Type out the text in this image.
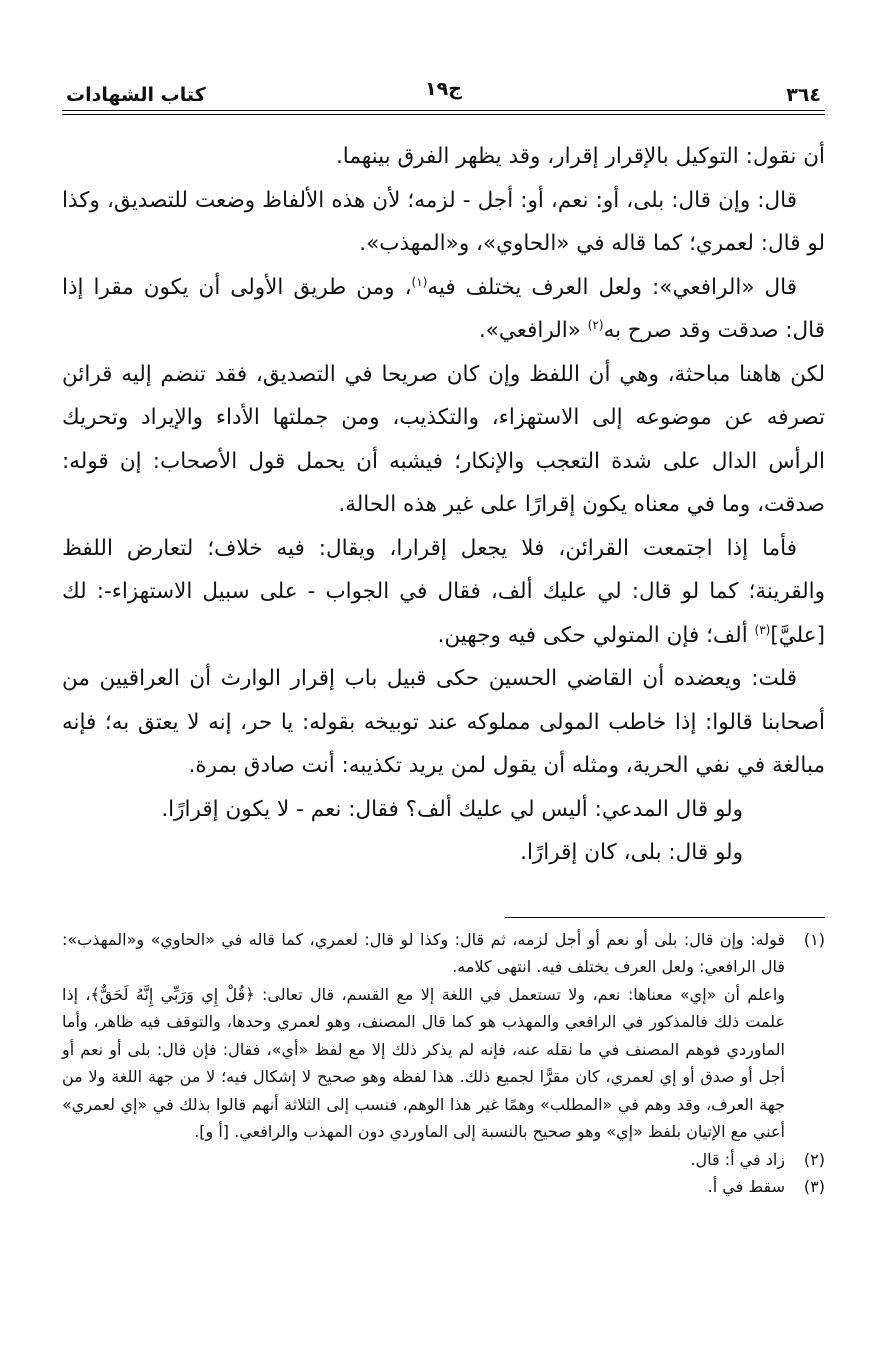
٣٦٤
ج١٩
كتاب الشهادات

أن نقول: التوكيل بالإقرار إقرار، وقد يظهر الفرق بينهما.

قال: وإن قال: بلى، أو: نعم، أو: أجل - لزمه؛ لأن هذه الألفاظ وضعت للتصديق، وكذا لو قال: لعمري؛ كما قاله في «الحاوي»، و«المهذب».

قال «الرافعي»: ولعل العرف يختلف فيه$^{(١)}$، ومن طريق الأولى أن يكون مقرا إذا قال: صدقت وقد صرح به$^{(٢)}$ «الرافعي».

لكن هاهنا مباحثة، وهي أن اللفظ وإن كان صريحا في التصديق، فقد تنضم إليه قرائن تصرفه عن موضوعه إلى الاستهزاء، والتكذيب، ومن جملتها الأداء والإيراد وتحريك الرأس الدال على شدة التعجب والإنكار؛ فيشبه أن يحمل قول الأصحاب: إن قوله: صدقت، وما في معناه يكون إقرارًا على غير هذه الحالة.

فأما إذا اجتمعت القرائن، فلا يجعل إقرارا، ويقال: فيه خلاف؛ لتعارض اللفظ والقرينة؛ كما لو قال: لي عليك ألف، فقال في الجواب - على سبيل الاستهزاء-: لك [عليَّ]$^{(٣)}$ ألف؛ فإن المتولي حكى فيه وجهين.

قلت: ويعضده أن القاضي الحسين حكى قبيل باب إقرار الوارث أن العراقيين من أصحابنا قالوا: إذا خاطب المولى مملوكه عند توبيخه بقوله: يا حر، إنه لا يعتق به؛ فإنه مبالغة في نفي الحرية، ومثله أن يقول لمن يريد تكذيبه: أنت صادق بمرة.

ولو قال المدعي: أليس لي عليك ألف؟ فقال: نعم - لا يكون إقرارًا.

ولو قال: بلى، كان إقرارًا.

(١)

قوله: وإن قال: بلى أو نعم أو أجل لزمه، ثم قال: وكذا لو قال: لعمري، كما قاله في «الحاوي» و«المهذب»: قال الرافعي: ولعل العرف يختلف فيه. انتهى كلامه.

واعلم أن «إي» معناها: نعم، ولا تستعمل في اللغة إلا مع القسم، قال تعالى: ﴿قُلْ إِي وَرَبِّي إِنَّهُ لَحَقٌّ﴾، إذا علمت ذلك فالمذكور في الرافعي والمهذب هو كما قال المصنف، وهو لعمري وحدها، والتوقف فيه ظاهر، وأما الماوردي فوهم المصنف في ما نقله عنه، فإنه لم يذكر ذلك إلا مع لفظ «أي»، فقال: فإن قال: بلى أو نعم أو أجل أو صدق أو إي لعمري، كان مقرًّا لجميع ذلك. هذا لفظه وهو صحيح لا إشكال فيه؛ لا من جهة اللغة ولا من جهة العرف، وقد وهم في «المطلب» وهمًا غير هذا الوهم، فنسب إلى الثلاثة أنهم قالوا بذلك في «إي لعمري» أعني مع الإتيان بلفظ «إي» وهو صحيح بالنسبة إلى الماوردي دون المهذب والرافعي. [أ و].

(٢)

زاد في أ: قال.

(٣)

سقط في أ.
